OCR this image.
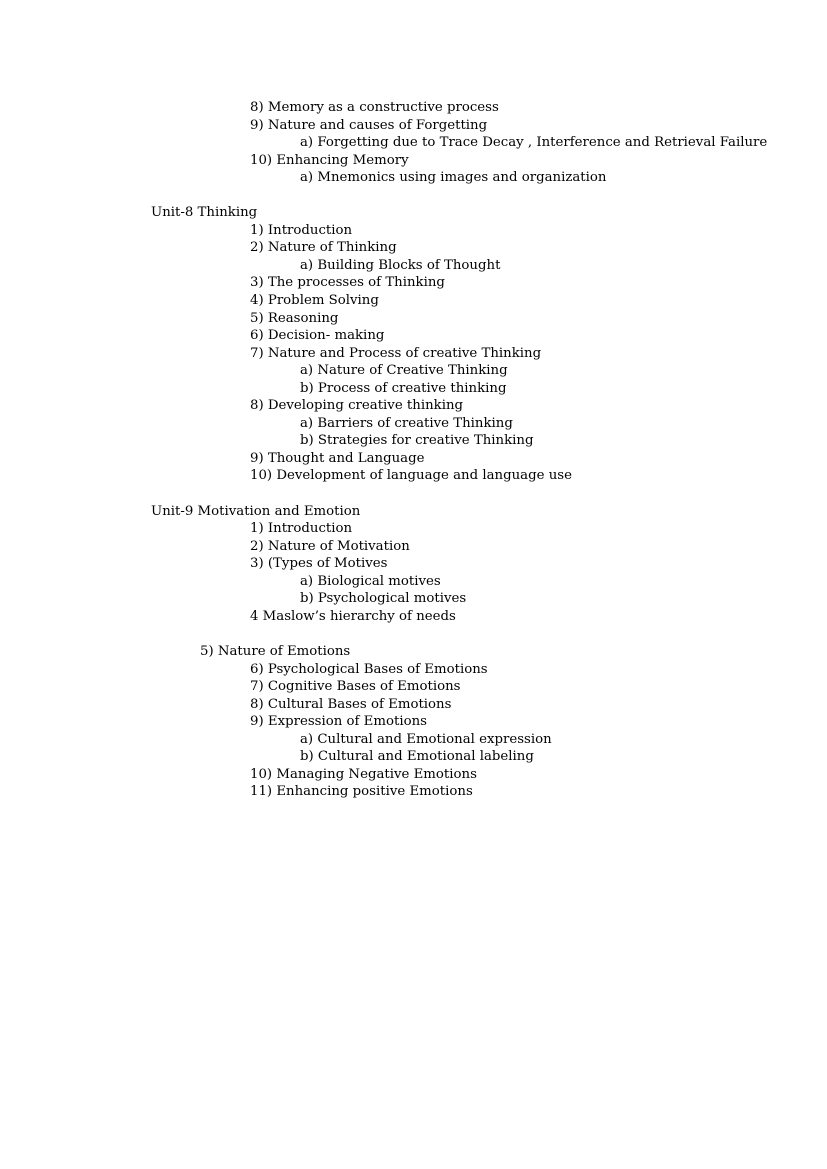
8) Memory as a constructive process
9) Nature and causes of Forgetting
a) Forgetting due to Trace Decay , Interference and Retrieval Failure
10) Enhancing Memory
a) Mnemonics using images and organization
Unit-8 Thinking
1) Introduction
2) Nature of Thinking
a) Building Blocks of Thought
3) The processes of Thinking
4) Problem Solving
5) Reasoning
6) Decision- making
7) Nature and Process of creative Thinking
a) Nature of Creative Thinking
b) Process of creative thinking
8) Developing creative thinking
a) Barriers of creative Thinking
b) Strategies for creative Thinking
9) Thought and Language
10) Development of language and language use
Unit-9 Motivation and Emotion
1) Introduction
2) Nature of Motivation
3) (Types of Motives
a) Biological motives
b) Psychological motives
4 Maslow’s hierarchy of needs
5) Nature of Emotions
6) Psychological Bases of Emotions
7) Cognitive Bases of Emotions
8) Cultural Bases of Emotions
9) Expression of Emotions
a) Cultural and Emotional expression
b) Cultural and Emotional labeling
10) Managing Negative Emotions
11) Enhancing positive Emotions
